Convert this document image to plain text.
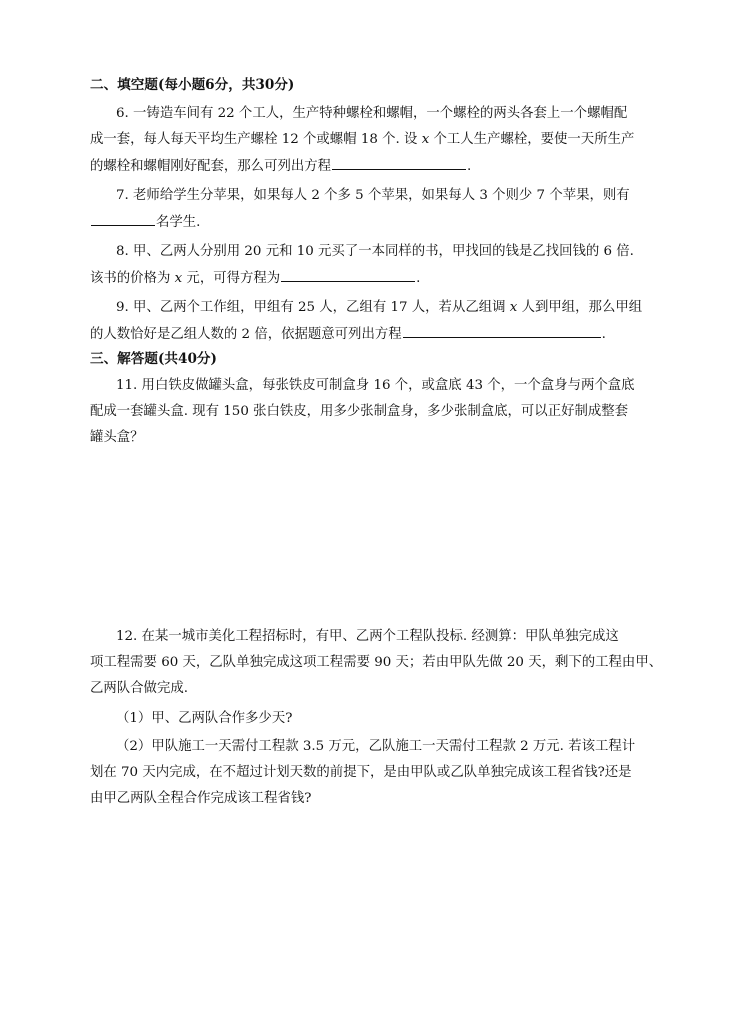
二、填空题(每小题6分，共30分)
6. 一铸造车间有 22 个工人，生产特种螺栓和螺帽，一个螺栓的两头各套上一个螺帽配
成一套，每人每天平均生产螺栓 12 个或螺帽 18 个. 设 x 个工人生产螺栓，要使一天所生产
的螺栓和螺帽刚好配套，那么可列出方程	.
7. 老师给学生分苹果，如果每人 2 个多 5 个苹果，如果每人 3 个则少 7 个苹果，则有
名学生.
8. 甲、乙两人分别用 20 元和 10 元买了一本同样的书，甲找回的钱是乙找回钱的 6 倍.
该书的价格为 x 元，可得方程为	.
9. 甲、乙两个工作组，甲组有 25 人，乙组有 17 人，若从乙组调 x 人到甲组，那么甲组
的人数恰好是乙组人数的 2 倍，依据题意可列出方程	.
三、解答题(共40分)
11. 用白铁皮做罐头盒，每张铁皮可制盒身 16 个，或盒底 43 个，一个盒身与两个盒底
配成一套罐头盒. 现有 150 张白铁皮，用多少张制盒身，多少张制盒底，可以正好制成整套
罐头盒？
12. 在某一城市美化工程招标时，有甲、乙两个工程队投标. 经测算：甲队单独完成这
项工程需要 60 天，乙队单独完成这项工程需要 90 天；若由甲队先做 20 天，剩下的工程由甲、
乙两队合做完成.
（1）甲、乙两队合作多少天?
（2）甲队施工一天需付工程款 3.5 万元，乙队施工一天需付工程款 2 万元. 若该工程计
划在 70 天内完成，在不超过计划天数的前提下，是由甲队或乙队单独完成该工程省钱?还是
由甲乙两队全程合作完成该工程省钱?
